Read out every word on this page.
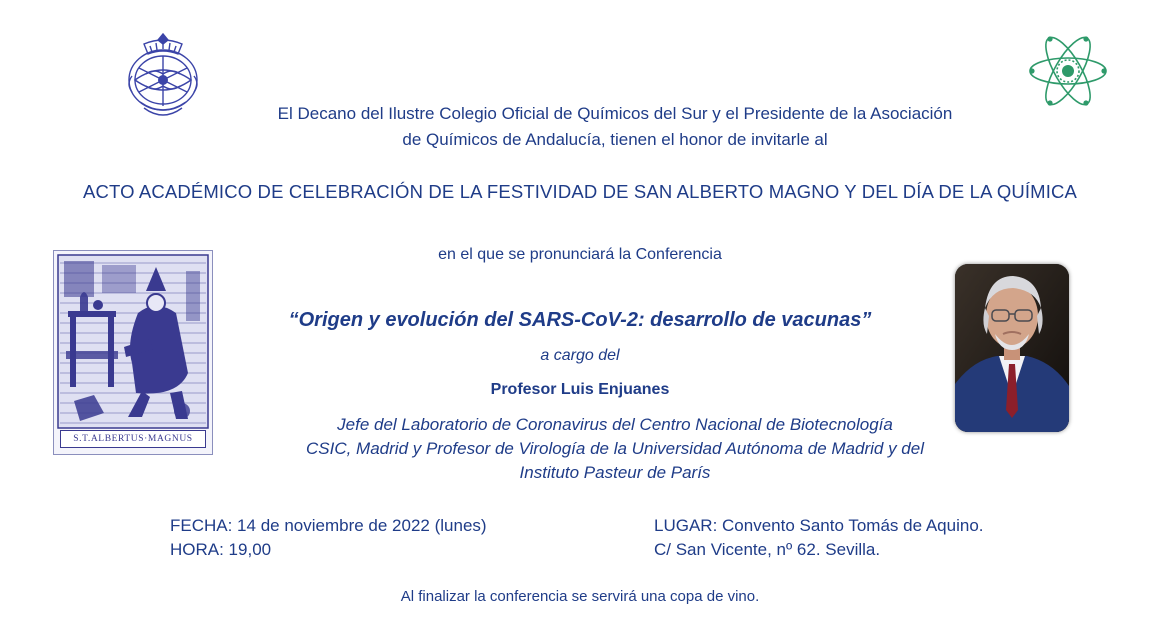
El Decano del Ilustre Colegio Oficial de Químicos del Sur y el Presidente de la Asociación
de Químicos de Andalucía, tienen el honor de invitarle al
ACTO ACADÉMICO DE CELEBRACIÓN DE LA FESTIVIDAD DE SAN ALBERTO MAGNO Y DEL DÍA DE LA QUÍMICA
en el que se pronunciará la Conferencia
S.T.ALBERTUS·MAGNUS
“Origen y evolución del SARS-CoV-2: desarrollo de vacunas”
a cargo del
Profesor Luis Enjuanes
Jefe del Laboratorio de Coronavirus del Centro Nacional de Biotecnología
CSIC, Madrid y Profesor de Virología de la Universidad Autónoma de Madrid y del
Instituto Pasteur de París
FECHA: 14 de noviembre de 2022 (lunes)
HORA: 19,00
LUGAR: Convento Santo Tomás de Aquino.
C/ San Vicente, nº 62. Sevilla.
Al finalizar la conferencia se servirá una copa de vino.
